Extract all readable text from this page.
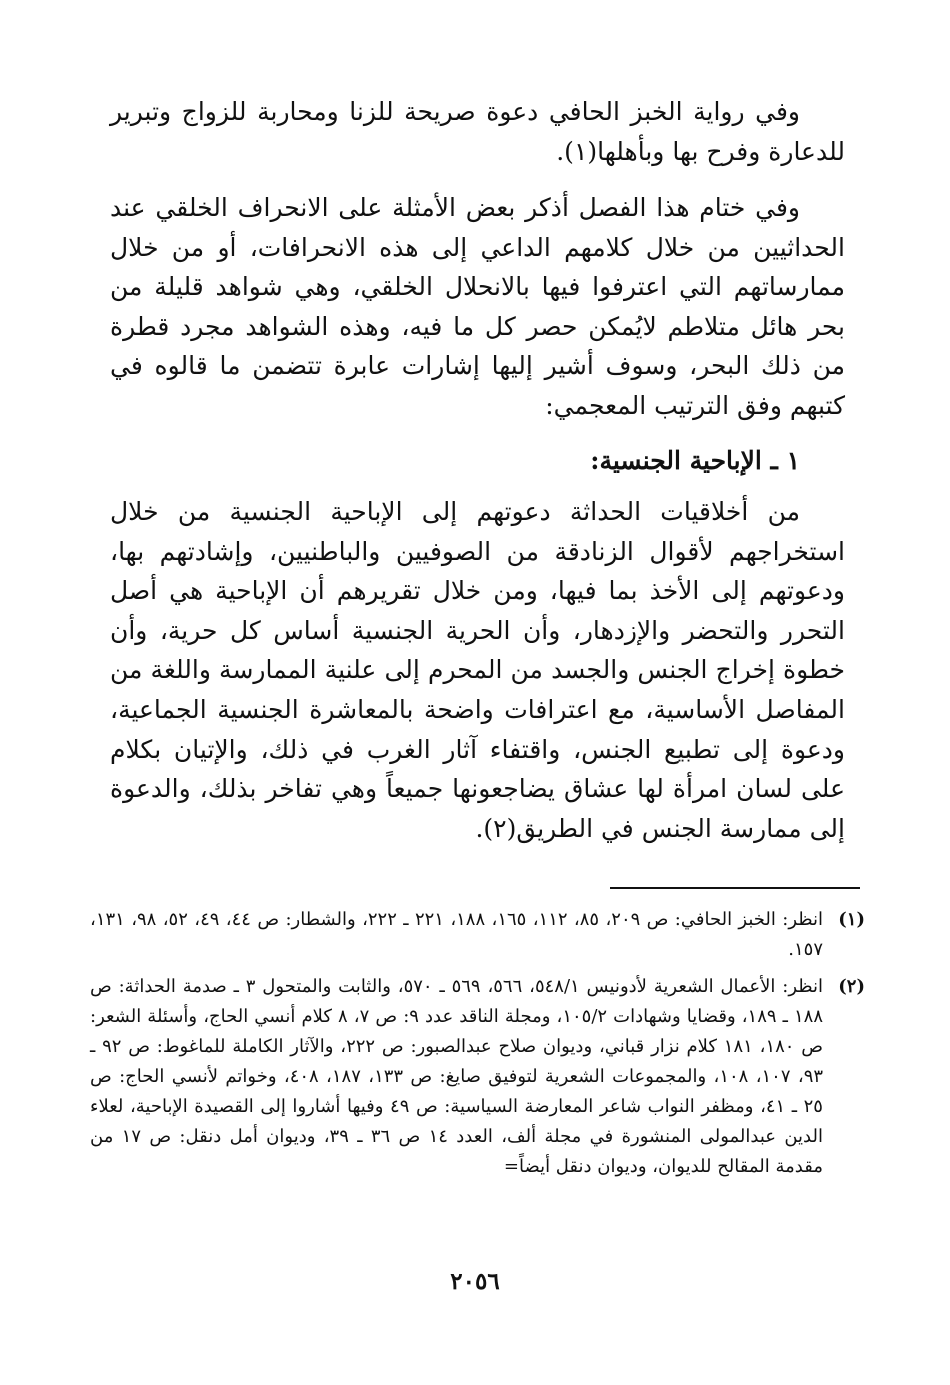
وفي رواية الخبز الحافي دعوة صريحة للزنا ومحاربة للزواج وتبرير للدعارة وفرح بها وبأهلها(١).

وفي ختام هذا الفصل أذكر بعض الأمثلة على الانحراف الخلقي عند الحداثيين من خلال كلامهم الداعي إلى هذه الانحرافات، أو من خلال ممارساتهم التي اعترفوا فيها بالانحلال الخلقي، وهي شواهد قليلة من بحر هائل متلاطم لايُمكن حصر كل ما فيه، وهذه الشواهد مجرد قطرة من ذلك البحر، وسوف أشير إليها إشارات عابرة تتضمن ما قالوه في كتبهم وفق الترتيب المعجمي:

١ ـ الإباحية الجنسية:

من أخلاقيات الحداثة دعوتهم إلى الإباحية الجنسية من خلال استخراجهم لأقوال الزنادقة من الصوفيين والباطنيين، وإشادتهم بها، ودعوتهم إلى الأخذ بما فيها، ومن خلال تقريرهم أن الإباحية هي أصل التحرر والتحضر والإزدهار، وأن الحرية الجنسية أساس كل حرية، وأن خطوة إخراج الجنس والجسد من المحرم إلى علنية الممارسة واللغة من المفاصل الأساسية، مع اعترافات واضحة بالمعاشرة الجنسية الجماعية، ودعوة إلى تطبيع الجنس، واقتفاء آثار الغرب في ذلك، والإتيان بكلام على لسان امرأة لها عشاق يضاجعونها جميعاً وهي تفاخر بذلك، والدعوة إلى ممارسة الجنس في الطريق(٢).

(١)

انظر: الخبز الحافي: ص ٢٠٩، ٨٥، ١١٢، ١٦٥، ١٨٨، ٢٢١ ـ ٢٢٢، والشطار: ص ٤٤، ٤٩، ٥٢، ٩٨، ١٣١، ١٥٧.

(٢)

انظر: الأعمال الشعرية لأدونيس ٥٤٨/١، ٥٦٦، ٥٦٩ ـ ٥٧٠، والثابت والمتحول ٣ ـ صدمة الحداثة: ص ١٨٨ ـ ١٨٩، وقضايا وشهادات ١٠٥/٢، ومجلة الناقد عدد ٩: ص ٧، ٨ كلام أنسي الحاج، وأسئلة الشعر: ص ١٨٠، ١٨١ كلام نزار قباني، وديوان صلاح عبدالصبور: ص ٢٢٢، والآثار الكاملة للماغوط: ص ٩٢ ـ ٩٣، ١٠٧، ١٠٨، والمجموعات الشعرية لتوفيق صايغ: ص ١٣٣، ١٨٧، ٤٠٨، وخواتم لأنسي الحاج: ص ٢٥ ـ ٤١، ومظفر النواب شاعر المعارضة السياسية: ص ٤٩ وفيها أشاروا إلى القصيدة الإباحية، لعلاء الدين عبدالمولى المنشورة في مجلة ألف، العدد ١٤ ص ٣٦ ـ ٣٩، وديوان أمل دنقل: ص ١٧ من مقدمة المقالح للديوان، وديوان دنقل أيضاً=

٢٠٥٦
